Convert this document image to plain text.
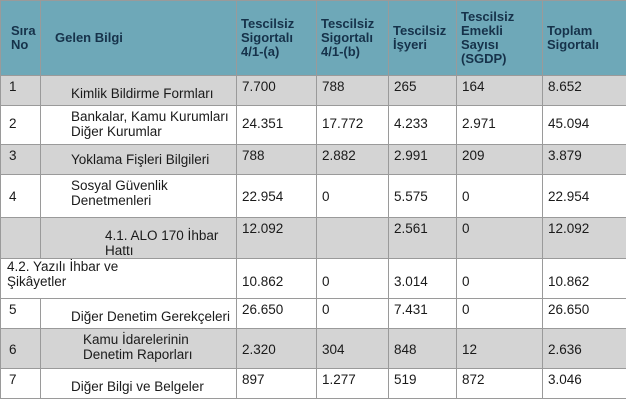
Sıra No	Gelen Bilgi	Tescilsiz Sigortalı 4/1-(a)	Tescilsiz Sigortalı 4/1-(b)	Tescilsiz İşyeri	Tescilsiz Emekli Sayısı (SGDP)	Toplam Sigortalı

1	Kimlik Bildirme Formları	7.700	788	265	164	8.652

2	Bankalar, Kamu Kurumları Diğer Kurumlar	24.351	17.772	4.233	2.971	45.094

3	Yoklama Fişleri Bilgileri	788	2.882	2.991	209	3.879

4	Sosyal Güvenlik Denetmenleri	22.954	0	5.575	0	22.954

	4.1. ALO 170 İhbar Hattı	12.092		2.561	0	12.092

4.2. Yazılı İhbar ve Şikâyetler		10.862	0	3.014	0	10.862

5	Diğer Denetim Gerekçeleri	26.650	0	7.431	0	26.650

6	Kamu İdarelerinin Denetim Raporları	2.320	304	848	12	2.636

7	Diğer Bilgi ve Belgeler	897	1.277	519	872	3.046
